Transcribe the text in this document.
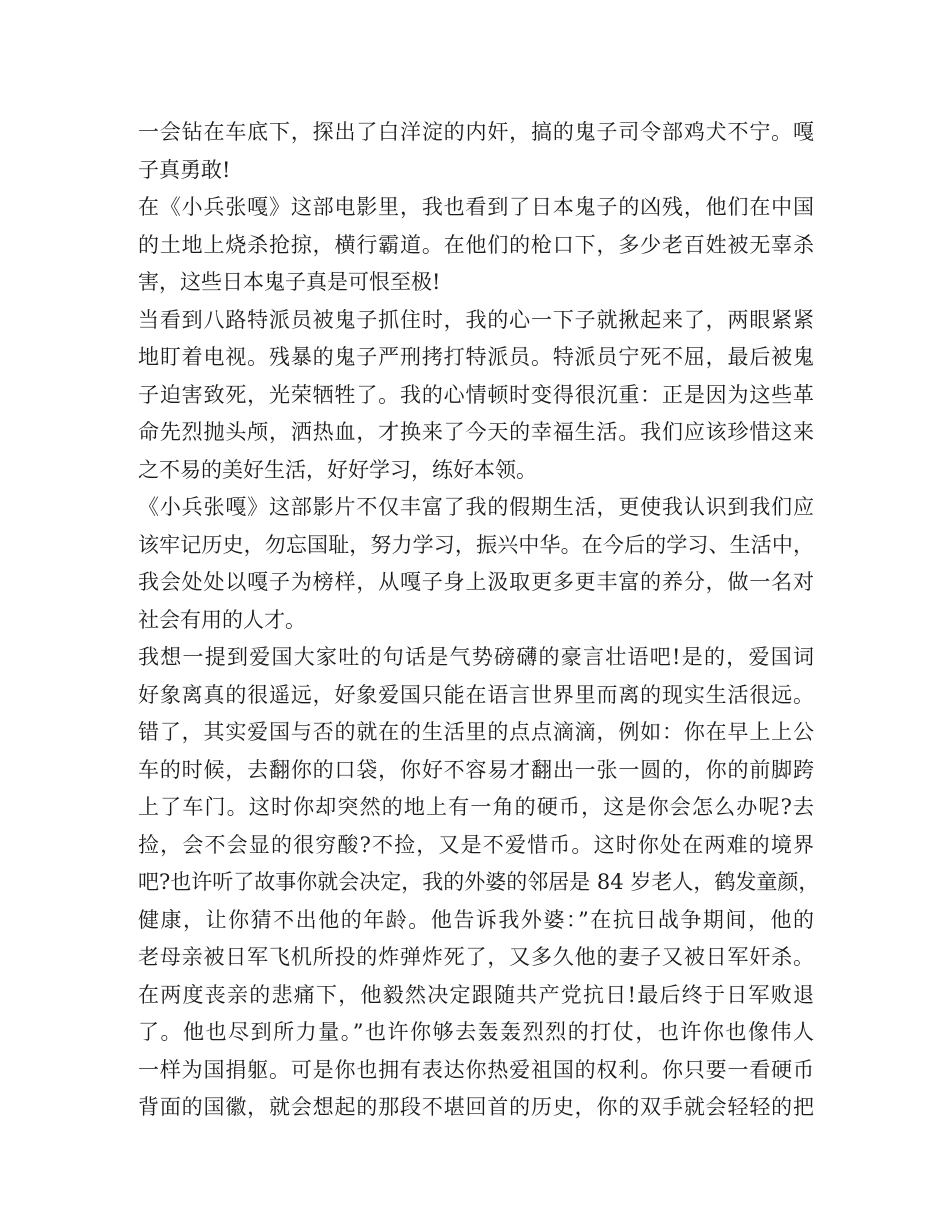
一会钻在车底下，探出了白洋淀的内奸，搞的鬼子司令部鸡犬不宁。嘎
子真勇敢!
在《小兵张嘎》这部电影里，我也看到了日本鬼子的凶残，他们在中国
的土地上烧杀抢掠，横行霸道。在他们的枪口下，多少老百姓被无辜杀
害，这些日本鬼子真是可恨至极!
当看到八路特派员被鬼子抓住时，我的心一下子就揪起来了，两眼紧紧
地盯着电视。残暴的鬼子严刑拷打特派员。特派员宁死不屈，最后被鬼
子迫害致死，光荣牺牲了。我的心情顿时变得很沉重：正是因为这些革
命先烈抛头颅，洒热血，才换来了今天的幸福生活。我们应该珍惜这来
之不易的美好生活，好好学习，练好本领。
《小兵张嘎》这部影片不仅丰富了我的假期生活，更使我认识到我们应
该牢记历史，勿忘国耻，努力学习，振兴中华。在今后的学习、生活中，
我会处处以嘎子为榜样，从嘎子身上汲取更多更丰富的养分，做一名对
社会有用的人才。
我想一提到爱国大家吐的句话是气势磅礴的豪言壮语吧!是的，爱国词
好象离真的很遥远，好象爱国只能在语言世界里而离的现实生活很远。
错了，其实爱国与否的就在的生活里的点点滴滴，例如：你在早上上公
车的时候，去翻你的口袋，你好不容易才翻出一张一圆的，你的前脚跨
上了车门。这时你却突然的地上有一角的硬币，这是你会怎么办呢?去
捡，会不会显的很穷酸?不捡，又是不爱惜币。这时你处在两难的境界
吧?也许听了故事你就会决定，我的外婆的邻居是 84 岁老人，鹤发童颜，
健康，让你猜不出他的年龄。他告诉我外婆：”在抗日战争期间，他的
老母亲被日军飞机所投的炸弹炸死了，又多久他的妻子又被日军奸杀。
在两度丧亲的悲痛下，他毅然决定跟随共产党抗日!最后终于日军败退
了。他也尽到所力量。”也许你够去轰轰烈烈的打仗，也许你也像伟人
一样为国捐躯。可是你也拥有表达你热爱祖国的权利。你只要一看硬币
背面的国徽，就会想起的那段不堪回首的历史，你的双手就会轻轻的把
